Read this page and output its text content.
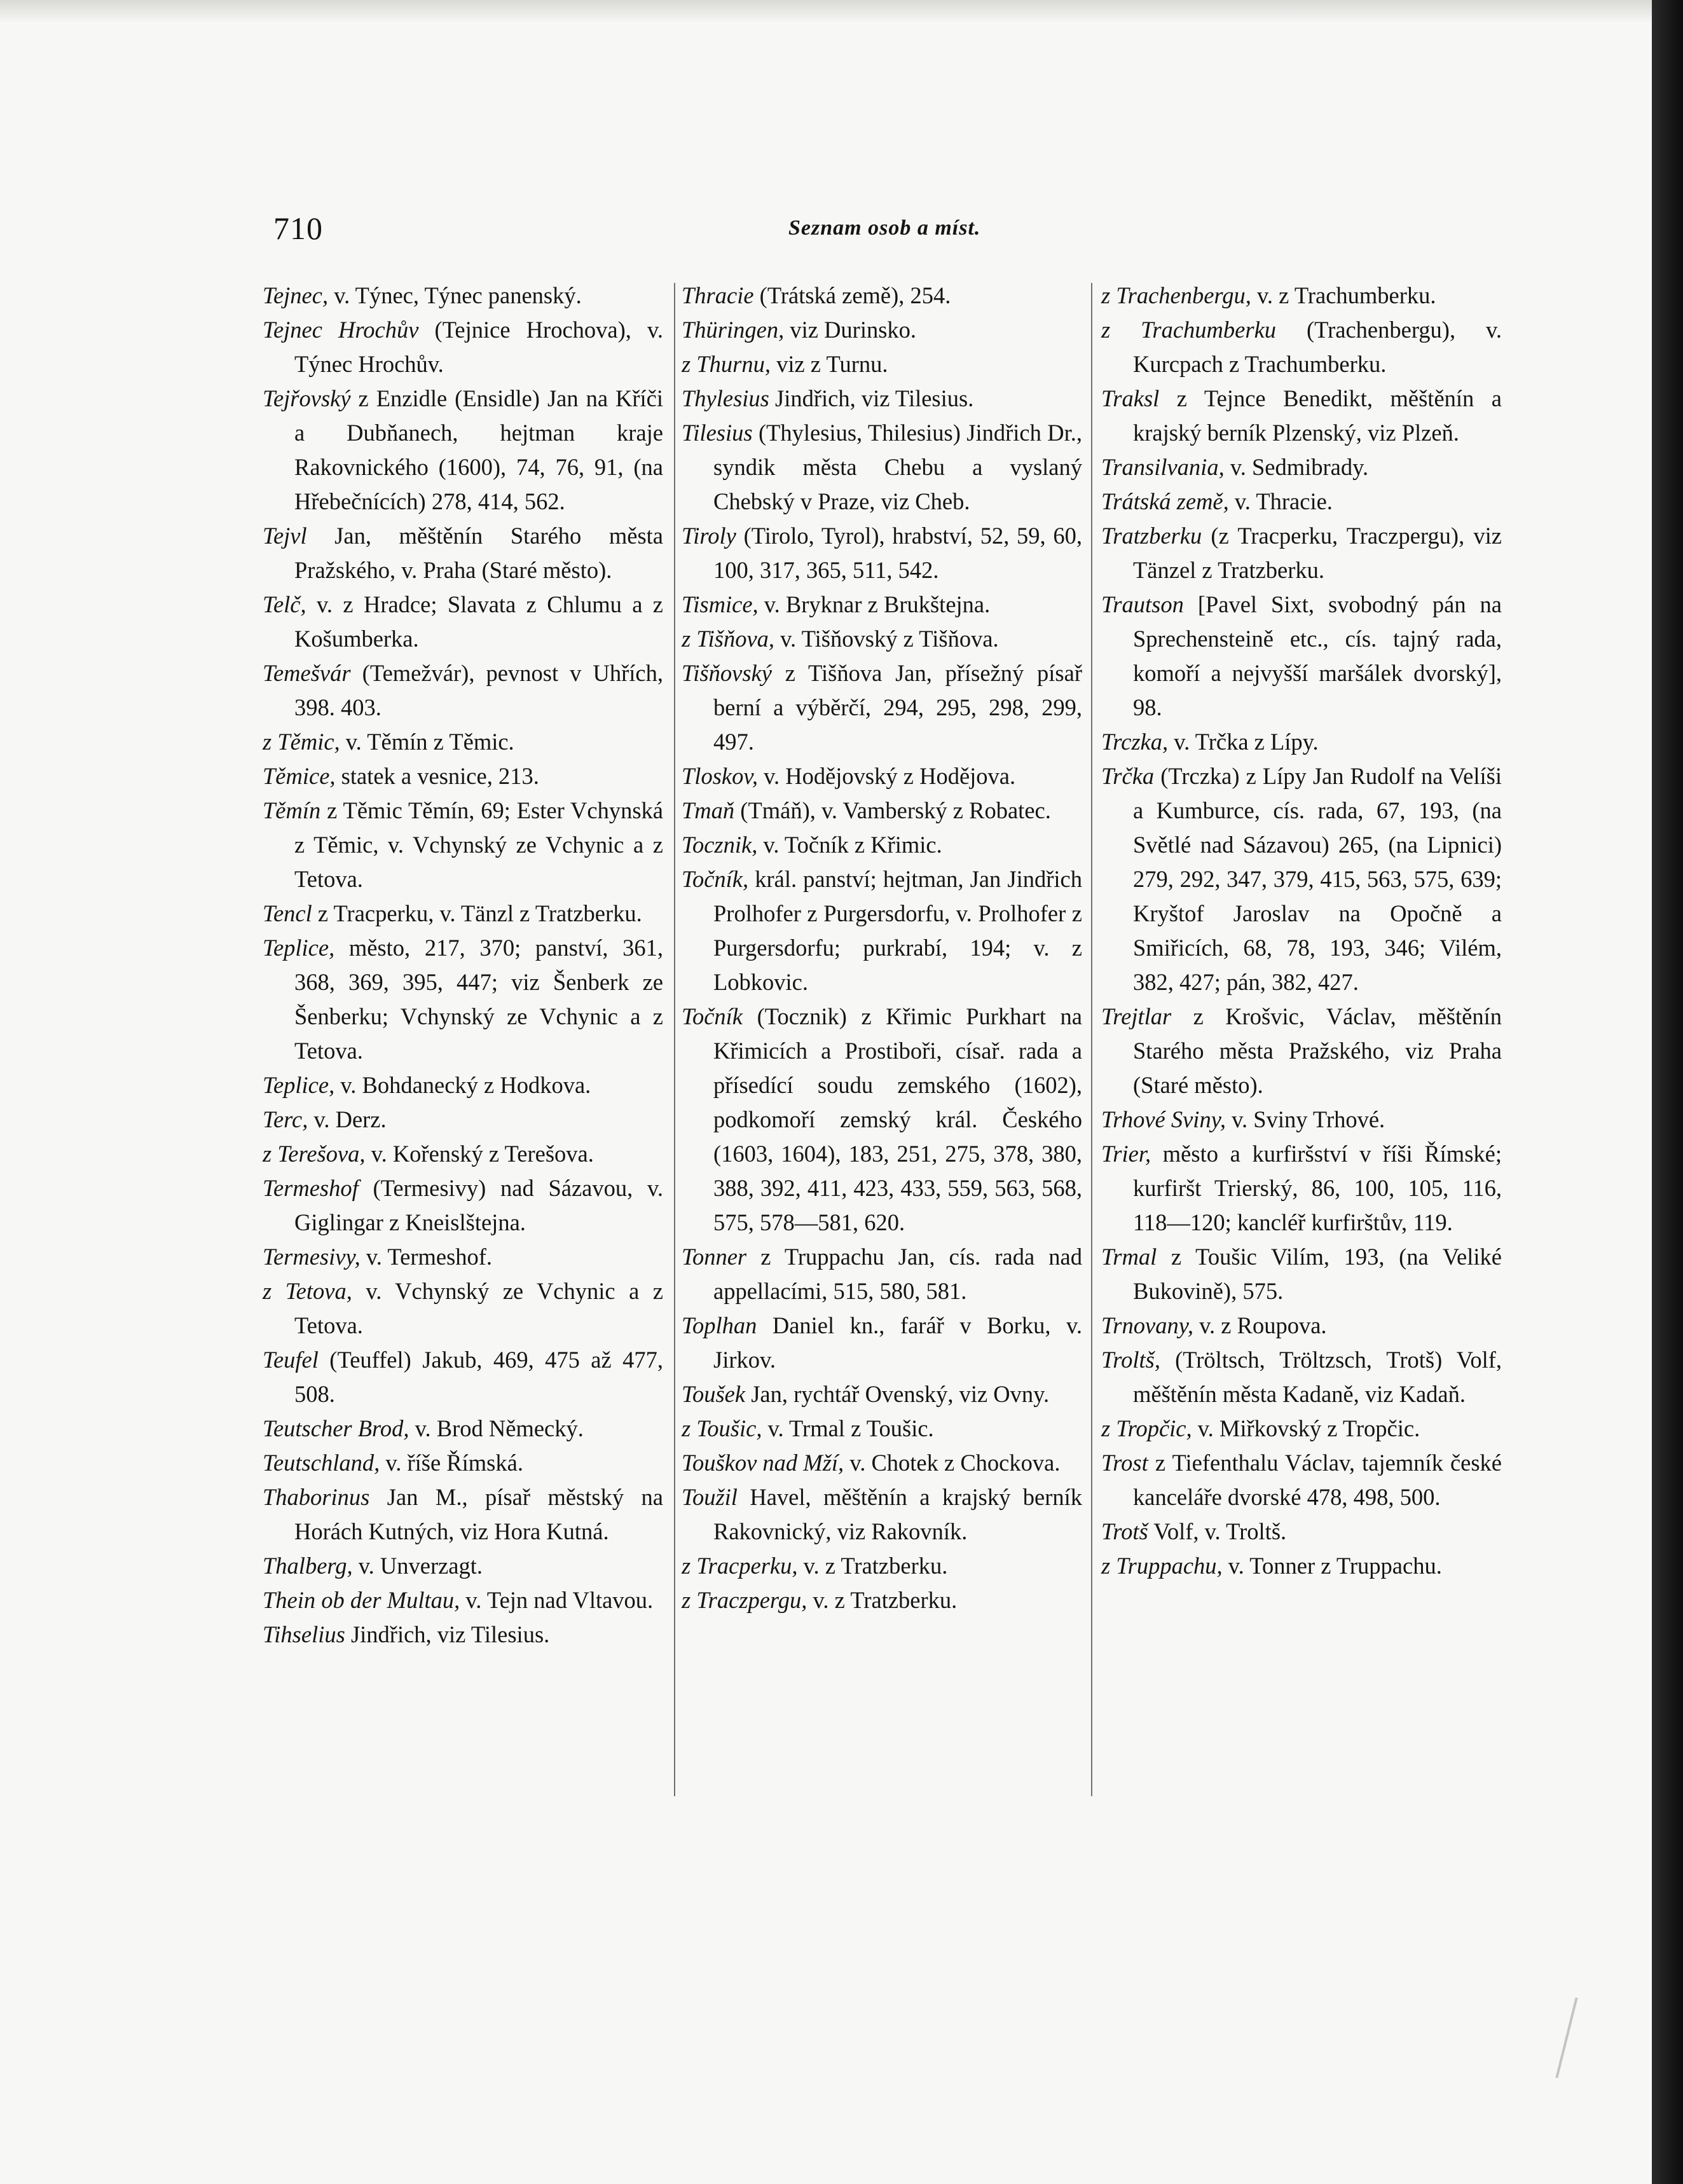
710	Seznam osob a míst.

Tejnec, v. Týnec, Týnec panenský.

Tejnec Hrochův (Tejnice Hrochova), v. Týnec Hrochův.

Tejřovský z Enzidle (Ensidle) Jan na Kříči a Dubňanech, hejtman kraje Rakovnického (1600), 74, 76, 91, (na Hřebečnících) 278, 414, 562.

Tejvl Jan, měštěnín Starého města Pražského, v. Praha (Staré město).

Telč, v. z Hradce; Slavata z Chlumu a z Košumberka.

Temešvár (Temežvár), pevnost v Uhřích, 398. 403.

z Těmic, v. Těmín z Těmic.

Těmice, statek a vesnice, 213.

Těmín z Těmic Těmín, 69; Ester Vchynská z Těmic, v. Vchynský ze Vchynic a z Tetova.

Tencl z Tracperku, v. Tänzl z Tratzberku.

Teplice, město, 217, 370; panství, 361, 368, 369, 395, 447; viz Šenberk ze Šenberku; Vchynský ze Vchynic a z Tetova.

Teplice, v. Bohdanecký z Hodkova.

Terc, v. Derz.

z Terešova, v. Kořenský z Terešova.

Termeshof (Termesivy) nad Sázavou, v. Giglingar z Kneislštejna.

Termesivy, v. Termeshof.

z Tetova, v. Vchynský ze Vchynic a z Tetova.

Teufel (Teuffel) Jakub, 469, 475 až 477, 508.

Teutscher Brod, v. Brod Německý.

Teutschland, v. říše Římská.

Thaborinus Jan M., písař městský na Horách Kutných, viz Hora Kutná.

Thalberg, v. Unverzagt.

Thein ob der Multau, v. Tejn nad Vltavou.

Tihselius Jindřich, viz Tilesius.

Thracie (Trátská země), 254.

Thüringen, viz Durinsko.

z Thurnu, viz z Turnu.

Thylesius Jindřich, viz Tilesius.

Tilesius (Thylesius, Thilesius) Jindřich Dr., syndik města Chebu a vyslaný Chebský v Praze, viz Cheb.

Tiroly (Tirolo, Tyrol), hrabství, 52, 59, 60, 100, 317, 365, 511, 542.

Tismice, v. Bryknar z Brukštejna.

z Tišňova, v. Tišňovský z Tišňova.

Tišňovský z Tišňova Jan, přísežný písař berní a výběrčí, 294, 295, 298, 299, 497.

Tloskov, v. Hodějovský z Hodějova.

Tmaň (Tmáň), v. Vamberský z Robatec.

Tocznik, v. Točník z Křimic.

Točník, král. panství; hejtman, Jan Jindřich Prolhofer z Purgersdorfu, v. Prolhofer z Purgersdorfu; purkrabí, 194; v. z Lobkovic.

Točník (Tocznik) z Křimic Purkhart na Křimicích a Prostiboři, císař. rada a přísedící soudu zemského (1602), podkomoří zemský král. Českého (1603, 1604), 183, 251, 275, 378, 380, 388, 392, 411, 423, 433, 559, 563, 568, 575, 578—581, 620.

Tonner z Truppachu Jan, cís. rada nad appellacími, 515, 580, 581.

Toplhan Daniel kn., farář v Borku, v. Jirkov.

Toušek Jan, rychtář Ovenský, viz Ovny.

z Toušic, v. Trmal z Toušic.

Touškov nad Mží, v. Chotek z Chockova.

Toužil Havel, měštěnín a krajský berník Rakovnický, viz Rakovník.

z Tracperku, v. z Tratzberku.

z Traczpergu, v. z Tratzberku.

z Trachenbergu, v. z Trachumberku.

z Trachumberku (Trachenbergu), v. Kurcpach z Trachumberku.

Traksl z Tejnce Benedikt, měštěnín a krajský berník Plzenský, viz Plzeň.

Transilvania, v. Sedmibrady.

Trátská země, v. Thracie.

Tratzberku (z Tracperku, Traczpergu), viz Tänzel z Tratzberku.

Trautson [Pavel Sixt, svobodný pán na Sprechensteině etc., cís. tajný rada, komoří a nejvyšší maršálek dvorský], 98.

Trczka, v. Trčka z Lípy.

Trčka (Trczka) z Lípy Jan Rudolf na Velíši a Kumburce, cís. rada, 67, 193, (na Světlé nad Sázavou) 265, (na Lipnici) 279, 292, 347, 379, 415, 563, 575, 639; Kryštof Jaroslav na Opočně a Smiřicích, 68, 78, 193, 346; Vilém, 382, 427; pán, 382, 427.

Trejtlar z Krošvic, Václav, měštěnín Starého města Pražského, viz Praha (Staré město).

Trhové Sviny, v. Sviny Trhové.

Trier, město a kurfiršství v říši Římské; kurfiršt Trierský, 86, 100, 105, 116, 118—120; kancléř kurfirštův, 119.

Trmal z Toušic Vilím, 193, (na Veliké Bukovině), 575.

Trnovany, v. z Roupova.

Troltš, (Tröltsch, Tröltzsch, Trotš) Volf, měštěnín města Kadaně, viz Kadaň.

z Tropčic, v. Miřkovský z Tropčic.

Trost z Tiefenthalu Václav, tajemník české kanceláře dvorské 478, 498, 500.

Trotš Volf, v. Troltš.

z Truppachu, v. Tonner z Truppachu.
